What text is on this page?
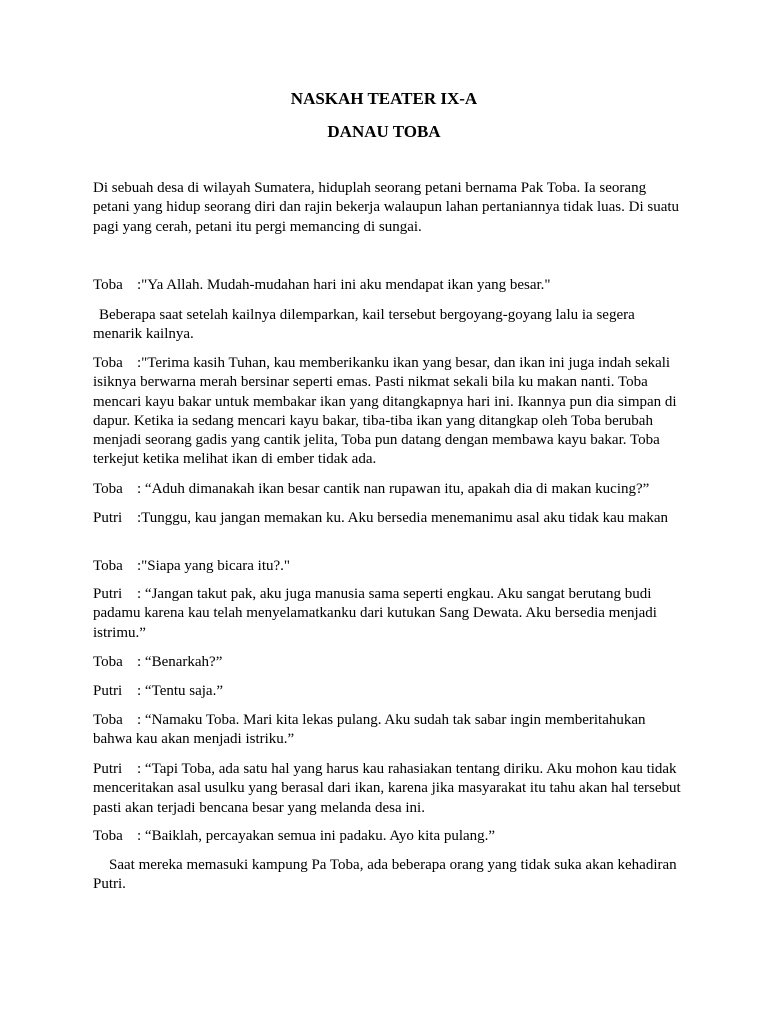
NASKAH TEATER IX-A
DANAU TOBA

Di sebuah desa di wilayah Sumatera, hiduplah seorang petani bernama Pak Toba. Ia seorang petani yang hidup seorang diri dan rajin bekerja walaupun lahan pertaniannya tidak luas. Di suatu pagi yang cerah, petani itu pergi memancing di sungai.

Toba :"Ya Allah. Mudah-mudahan hari ini aku mendapat ikan yang besar."

Beberapa saat setelah kailnya dilemparkan, kail tersebut bergoyang-goyang lalu ia segera menarik kailnya.

Toba :"Terima kasih Tuhan, kau memberikanku ikan yang besar, dan ikan ini juga indah sekali isiknya berwarna merah bersinar seperti emas. Pasti nikmat sekali bila ku makan nanti. Toba mencari kayu bakar untuk membakar ikan yang ditangkapnya hari ini. Ikannya pun dia simpan di dapur. Ketika ia sedang mencari kayu bakar, tiba-tiba ikan yang ditangkap oleh Toba berubah menjadi seorang gadis yang cantik jelita, Toba pun datang dengan membawa kayu bakar. Toba terkejut ketika melihat ikan di ember tidak ada.

Toba : “Aduh dimanakah ikan besar cantik nan rupawan itu, apakah dia di makan kucing?”

Putri :Tunggu, kau jangan memakan ku. Aku bersedia menemanimu asal aku tidak kau makan

Toba :"Siapa yang bicara itu?."

Putri : “Jangan takut pak, aku juga manusia sama seperti engkau. Aku sangat berutang budi padamu karena kau telah menyelamatkanku dari kutukan Sang Dewata. Aku bersedia menjadi istrimu.”

Toba : “Benarkah?”

Putri : “Tentu saja.”

Toba : “Namaku Toba. Mari kita lekas pulang. Aku sudah tak sabar ingin memberitahukan bahwa kau akan menjadi istriku.”

Putri : “Tapi Toba, ada satu hal yang harus kau rahasiakan tentang diriku. Aku mohon kau tidak menceritakan asal usulku yang berasal dari ikan, karena jika masyarakat itu tahu akan hal tersebut pasti akan terjadi bencana besar yang melanda desa ini.

Toba : “Baiklah, percayakan semua ini padaku. Ayo kita pulang.”

Saat mereka memasuki kampung Pa Toba, ada beberapa orang yang tidak suka akan kehadiran Putri.
